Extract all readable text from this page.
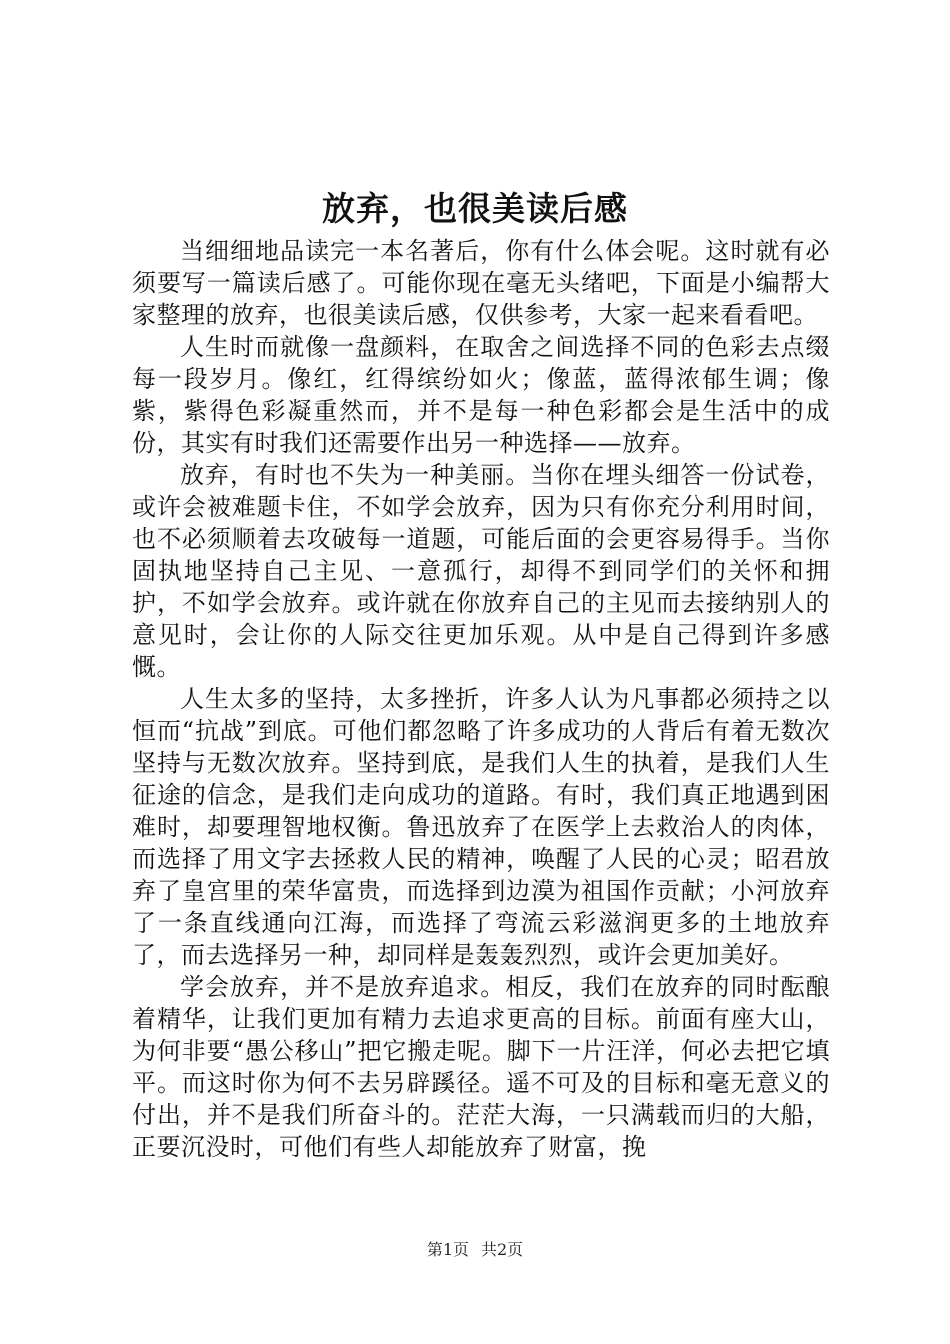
放弃，也很美读后感

当细细地品读完一本名著后，你有什么体会呢。这时就有必须要写一篇读后感了。可能你现在毫无头绪吧，下面是小编帮大家整理的放弃，也很美读后感，仅供参考，大家一起来看看吧。

人生时而就像一盘颜料，在取舍之间选择不同的色彩去点缀每一段岁月。像红，红得缤纷如火；像蓝，蓝得浓郁生调；像紫，紫得色彩凝重然而，并不是每一种色彩都会是生活中的成份，其实有时我们还需要作出另一种选择——放弃。

放弃，有时也不失为一种美丽。当你在埋头细答一份试卷，或许会被难题卡住，不如学会放弃，因为只有你充分利用时间，也不必须顺着去攻破每一道题，可能后面的会更容易得手。当你固执地坚持自己主见、一意孤行，却得不到同学们的关怀和拥护，不如学会放弃。或许就在你放弃自己的主见而去接纳别人的意见时，会让你的人际交往更加乐观。从中是自己得到许多感慨。

人生太多的坚持，太多挫折，许多人认为凡事都必须持之以恒而“抗战”到底。可他们都忽略了许多成功的人背后有着无数次坚持与无数次放弃。坚持到底，是我们人生的执着，是我们人生征途的信念，是我们走向成功的道路。有时，我们真正地遇到困难时，却要理智地权衡。鲁迅放弃了在医学上去救治人的肉体，而选择了用文字去拯救人民的精神，唤醒了人民的心灵；昭君放弃了皇宫里的荣华富贵，而选择到边漠为祖国作贡献；小河放弃了一条直线通向江海，而选择了弯流云彩滋润更多的土地放弃了，而去选择另一种，却同样是轰轰烈烈，或许会更加美好。

学会放弃，并不是放弃追求。相反，我们在放弃的同时酝酿着精华，让我们更加有精力去追求更高的目标。前面有座大山，为何非要“愚公移山”把它搬走呢。脚下一片汪洋，何必去把它填平。而这时你为何不去另辟蹊径。遥不可及的目标和毫无意义的付出，并不是我们所奋斗的。茫茫大海，一只满载而归的大船，正要沉没时，可他们有些人却能放弃了财富，挽

第1页 共2页
